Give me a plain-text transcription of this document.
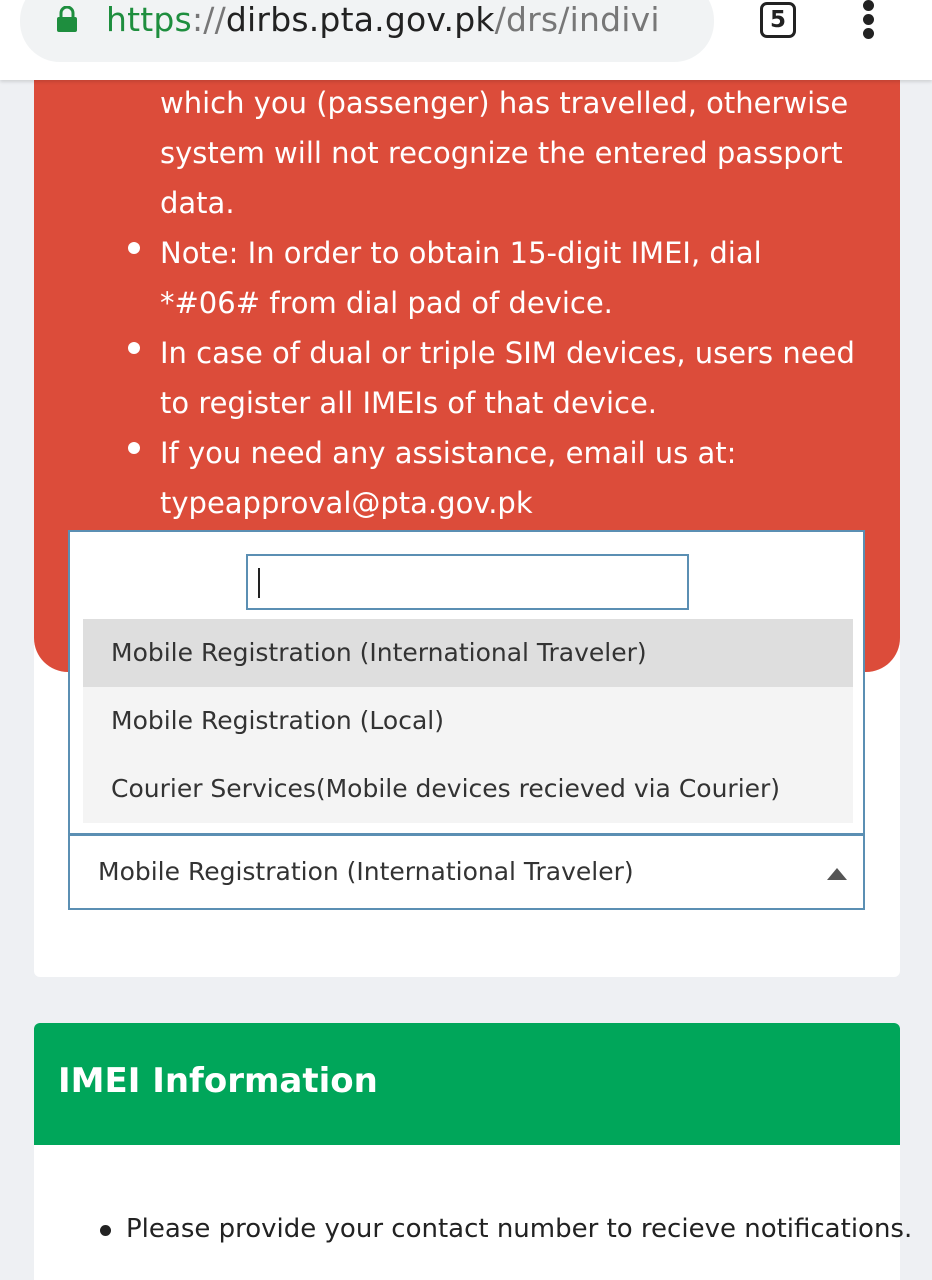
https://dirbs.pta.gov.pk/drs/indivi	5
which you (passenger) has travelled, otherwise
system will not recognize the entered passport
data.
Note: In order to obtain 15-digit IMEI, dial
*#06# from dial pad of device.
In case of dual or triple SIM devices, users need
to register all IMEIs of that device.
If you need any assistance, email us at:
typeapproval@pta.gov.pk
Mobile Registration (International Traveler)
Mobile Registration (Local)
Courier Services(Mobile devices recieved via Courier)
Mobile Registration (International Traveler)
IMEI Information
Please provide your contact number to recieve notifications.
